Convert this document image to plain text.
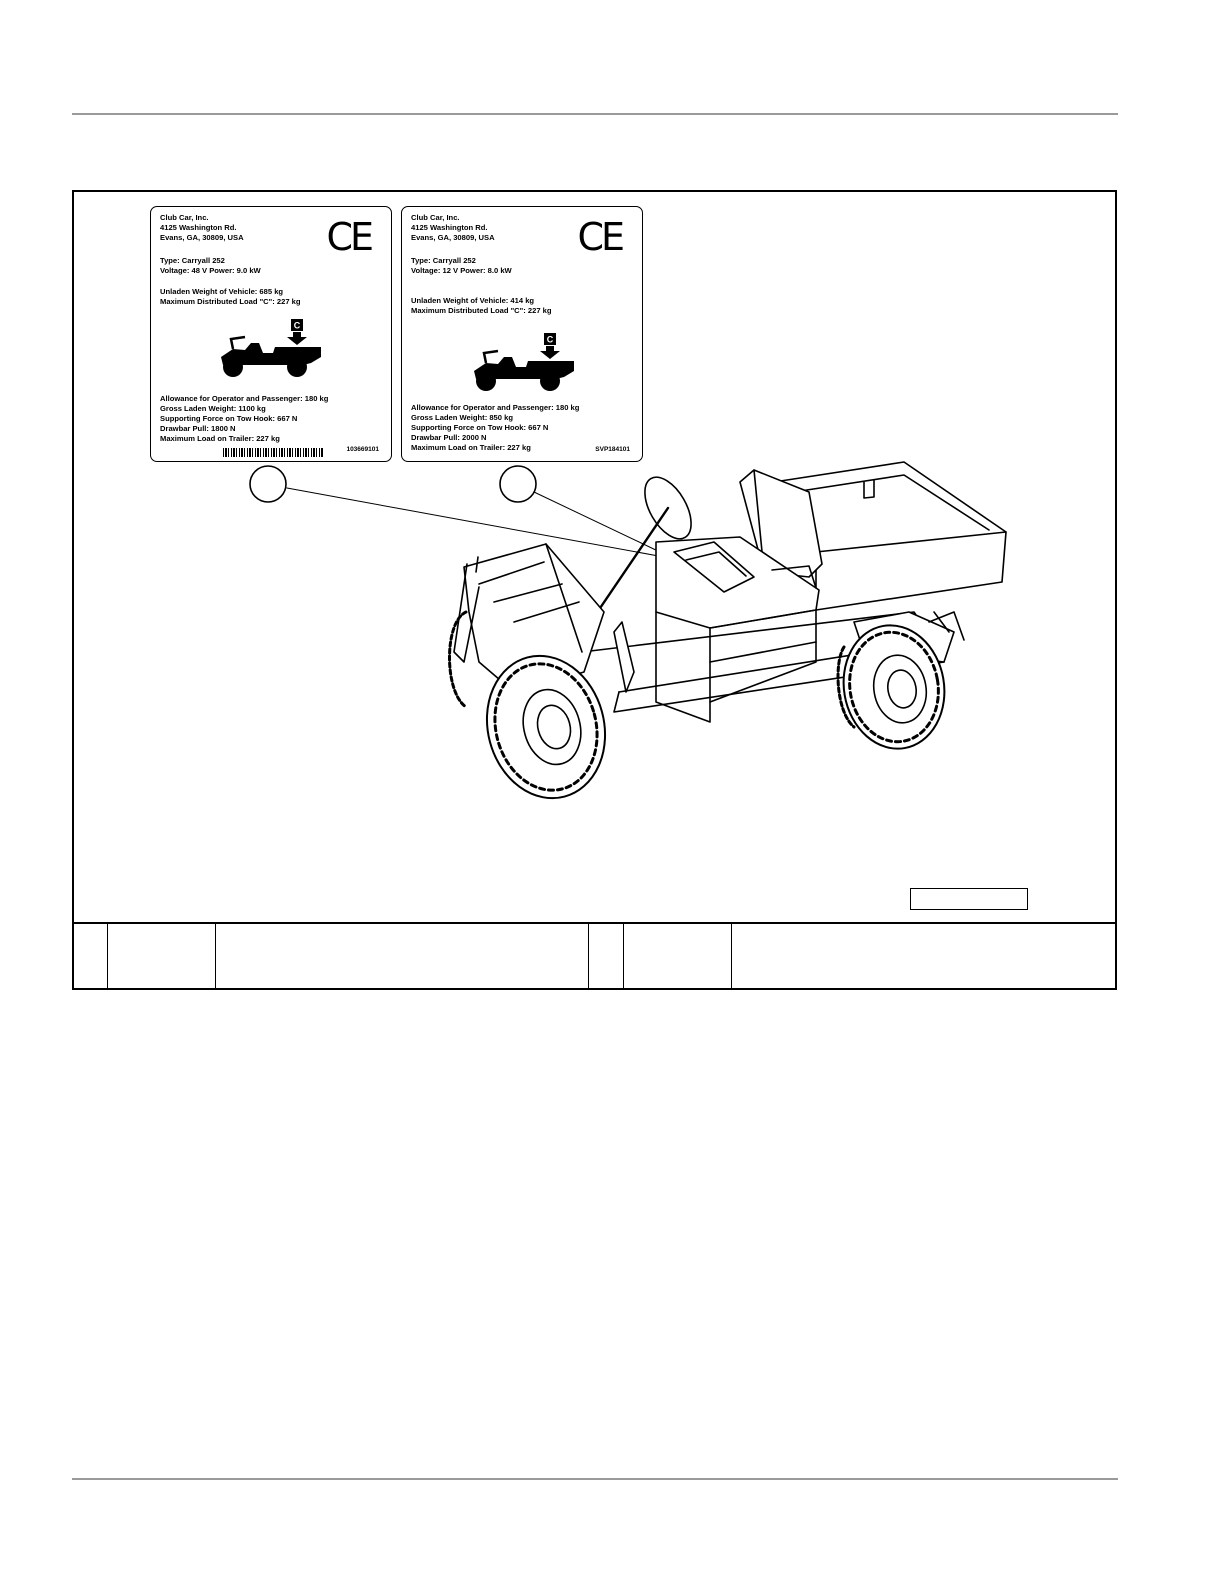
Club Car, Inc.
4125 Washington Rd.
Evans, GA, 30809, USA CE
Type: Carryall 252
Voltage: 48 V Power: 9.0 kW
Unladen Weight of Vehicle: 685 kg
Maximum Distributed Load "C": 227 kg
C
Allowance for Operator and Passenger: 180 kg
Gross Laden Weight: 1100 kg
Supporting Force on Tow Hook: 667 N
Drawbar Pull: 1800 N
Maximum Load on Trailer: 227 kg
103669101
Club Car, Inc.
4125 Washington Rd.
Evans, GA, 30809, USA CE
Type: Carryall 252
Voltage: 12 V Power: 8.0 kW
Unladen Weight of Vehicle: 414 kg
Maximum Distributed Load "C": 227 kg
C
Allowance for Operator and Passenger: 180 kg
Gross Laden Weight: 850 kg
Supporting Force on Tow Hook: 667 N
Drawbar Pull: 2000 N
Maximum Load on Trailer: 227 kg	SVP184101
